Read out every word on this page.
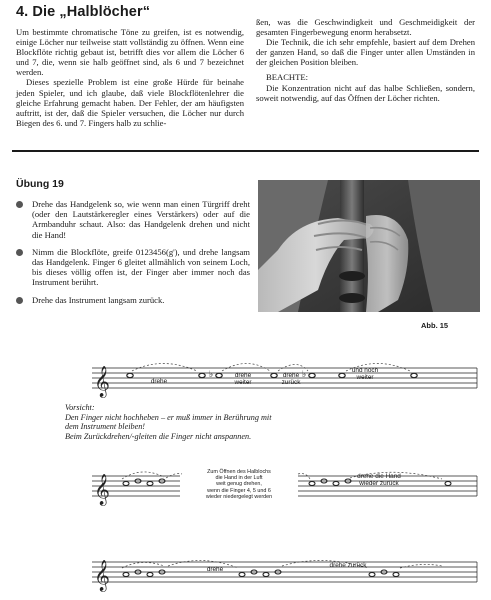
4. Die „Halblöcher“

Um bestimmte chromatische Töne zu greifen, ist es notwendig, einige Löcher nur teilweise statt vollständig zu öffnen. Wenn eine Blockflöte richtig gebaut ist, betrifft dies vor allem die Löcher 6 und 7, die, wenn sie halb geöffnet sind, als 6 und 7 bezeichnet werden.

Dieses spezielle Problem ist eine große Hürde für beinahe jeden Spieler, und ich glaube, daß viele Blockflötenlehrer die gleiche Erfahrung gemacht haben. Der Fehler, der am häufigsten auftritt, ist der, daß die Spieler versuchen, die Löcher nur durch Biegen des 6. und 7. Fingers halb zu schlie-

ßen, was die Geschwindigkeit und Geschmeidigkeit der gesamten Fingerbewegung enorm herabsetzt.

Die Technik, die ich sehr empfehle, basiert auf dem Drehen der ganzen Hand, so daß die Finger unter allen Umständen in der gleichen Position bleiben.

BEACHTE:

Die Konzentration nicht auf das halbe Schließen, sondern, soweit notwendig, auf das Öffnen der Löcher richten.

Übung 19
Drehe das Handgelenk so, wie wenn man einen Türgriff dreht (oder den Lautstärkeregler eines Verstärkers) oder auf die Armbanduhr schaut. Also: das Handgelenk drehen und nicht die Hand!
Nimm die Blockflöte, greife 0123456(g'), und drehe langsam das Handgelenk. Finger 6 gleitet allmählich von seinem Loch, bis dieses völlig offen ist, der Finger aber immer noch das Instrument berührt.
Drehe das Instrument langsam zurück.
Abb. 15
𝄞	♭	♭
drehe
drehe weiter
drehe zurück
und noch weiter

Vorsicht:

Den Finger nicht hochheben – er muß immer in Berührung mit

dem Instrument bleiben!

Beim Zurückdrehen/-gleiten die Finger nicht anspannen.

𝄞
Zum Öffnen des Halblochs
die Hand in der Luft
weit genug drehen,
wenn die Finger 4, 5 und 6
wieder niedergelegt werden
drehe die Hand
wieder zurück
𝄞	drehe
drehe zurück
